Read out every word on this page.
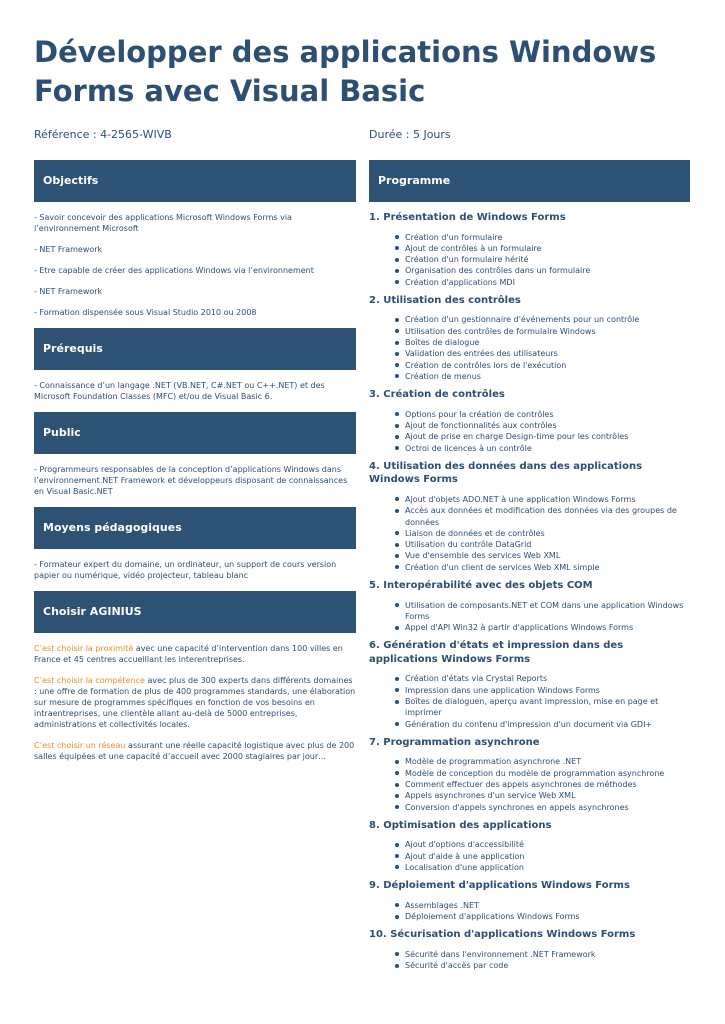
Développer des applications Windows Forms avec Visual Basic
Référence : 4-2565-WIVB	Durée : 5 Jours
Objectifs

- Savoir concevoir des applications Microsoft Windows Forms via l’environnement Microsoft

- NET Framework

- Etre capable de créer des applications Windows via l’environnement

- NET Framework

- Formation dispensée sous Visual Studio 2010 ou 2008

Prérequis

- Connaissance d’un langage .NET (VB.NET, C#.NET ou C++.NET) et des Microsoft Foundation Classes (MFC) et/ou de Visual Basic 6.

Public

- Programmeurs responsables de la conception d’applications Windows dans l’environnement.NET Framework et développeurs disposant de connaissances en Visual Basic.NET

Moyens pédagogiques

- Formateur expert du domaine, un ordinateur, un support de cours version papier ou numérique, vidéo projecteur, tableau blanc

Choisir AGINIUS

C’est choisir la proximité avec une capacité d’intervention dans 100 villes en France et 45 centres accueillant les interentreprises.

C’est choisir la compétence avec plus de 300 experts dans différents domaines : une offre de formation de plus de 400 programmes standards, une élaboration sur mesure de programmes spécifiques en fonction de vos besoins en intraentreprises, une clientèle allant au-delà de 5000 entreprises, administrations et collectivités locales.

C’est choisir un réseau assurant une réelle capacité logistique avec plus de 200 salles équipées et une capacité d’accueil avec 2000 stagiaires par jour…

Programme
1. Présentation de Windows Forms
Création d'un formulaire
Ajout de contrôles à un formulaire
Création d'un formulaire hérité
Organisation des contrôles dans un formulaire
Création d'applications MDI
2. Utilisation des contrôles
Création d'un gestionnaire d'événements pour un contrôle
Utilisation des contrôles de formulaire Windows
Boîtes de dialogue
Validation des entrées des utilisateurs
Création de contrôles lors de l'exécution
Création de menus
3. Création de contrôles
Options pour la création de contrôles
Ajout de fonctionnalités aux contrôles
Ajout de prise en charge Design-time pour les contrôles
Octroi de licences à un contrôle
4. Utilisation des données dans des applications Windows Forms
Ajout d'objets ADO.NET à une application Windows Forms
Accès aux données et modification des données via des groupes de données
Liaison de données et de contrôles
Utilisation du contrôle DataGrid
Vue d'ensemble des services Web XML
Création d'un client de services Web XML simple
5. Interopérabilité avec des objets COM
Utilisation de composants.NET et COM dans une application Windows Forms
Appel d'API Win32 à partir d'applications Windows Forms
6. Génération d'états et impression dans des applications Windows Forms
Création d'états via Crystal Reports
Impression dans une application Windows Forms
Boîtes de dialoguen, aperçu avant impression, mise en page et imprimer
Génération du contenu d'impression d'un document via GDI+
7. Programmation asynchrone
Modèle de programmation asynchrone .NET
Modèle de conception du modèle de programmation asynchrone
Comment effectuer des appels asynchrones de méthodes
Appels asynchrones d'un service Web XML
Conversion d'appels synchrones en appels asynchrones
8. Optimisation des applications
Ajout d'options d'accessibilité
Ajout d'aide à une application
Localisation d'une application
9. Déploiement d'applications Windows Forms
Assemblages .NET
Déploiement d'applications Windows Forms
10. Sécurisation d'applications Windows Forms
Sécurité dans l'environnement .NET Framework
Sécurité d'accès par code
